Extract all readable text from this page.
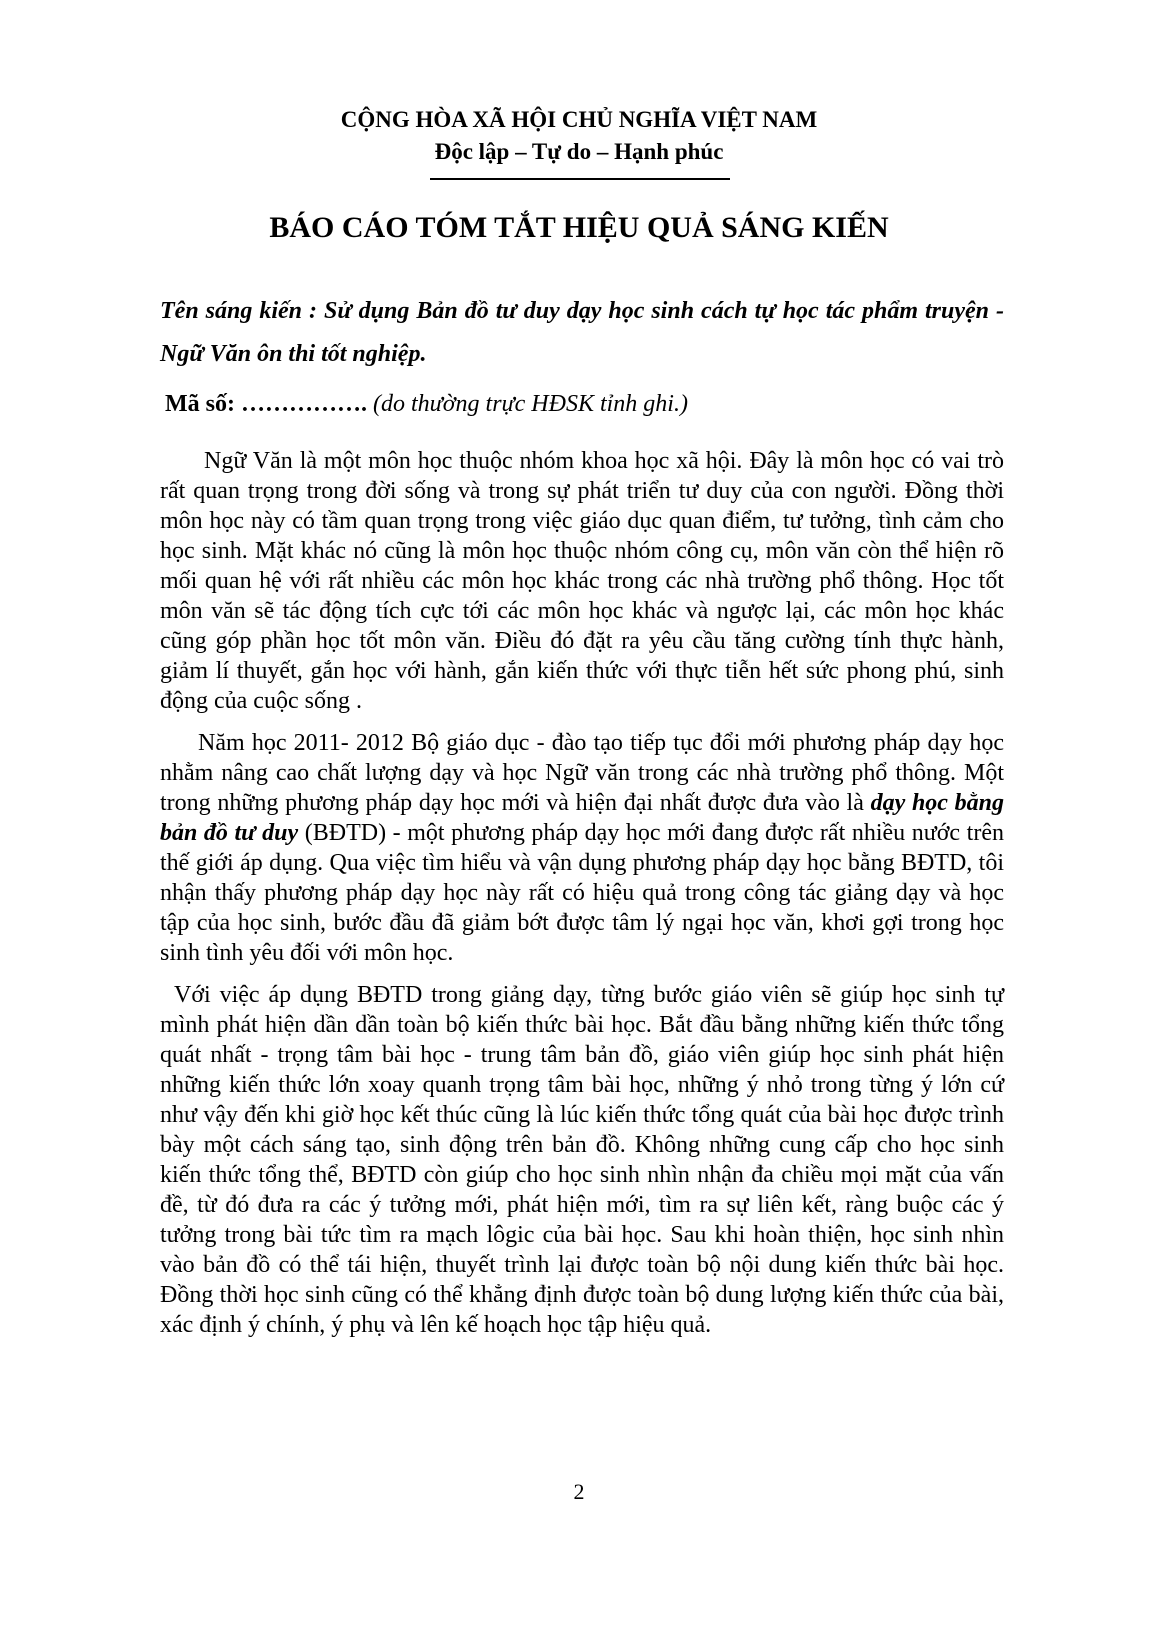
CỘNG HÒA XÃ HỘI CHỦ NGHĨA VIỆT NAM
Độc lập – Tự do – Hạnh phúc
BÁO CÁO TÓM TẮT HIỆU QUẢ SÁNG KIẾN
Tên sáng kiến : Sử dụng Bản đồ tư duy dạy học sinh cách tự học tác phẩm truyện - Ngữ Văn ôn thi tốt nghiệp.
Mã số: ……………. (do thường trực HĐSK tỉnh ghi.)

Ngữ Văn là một môn học thuộc nhóm khoa học xã hội. Đây là môn học có vai trò rất quan trọng trong đời sống và trong sự phát triển tư duy của con người. Đồng thời môn học này có tầm quan trọng trong việc giáo dục quan điểm, tư tưởng, tình cảm cho học sinh. Mặt khác nó cũng là môn học thuộc nhóm công cụ, môn văn còn thể hiện rõ mối quan hệ với rất nhiều các môn học khác trong các nhà trường phổ thông. Học tốt môn văn sẽ tác động tích cực tới các môn học khác và ngược lại, các môn học khác cũng góp phần học tốt môn văn. Điều đó đặt ra yêu cầu tăng cường tính thực hành, giảm lí thuyết, gắn học với hành, gắn kiến thức với thực tiễn hết sức phong phú, sinh động của cuộc sống .

Năm học 2011- 2012 Bộ giáo dục - đào tạo tiếp tục đổi mới phương pháp dạy học nhằm nâng cao chất lượng dạy và học Ngữ văn trong các nhà trường phổ thông. Một trong những phương pháp dạy học mới và hiện đại nhất được đưa vào là dạy học bằng bản đồ tư duy (BĐTD) - một phương pháp dạy học mới đang được rất nhiều nước trên thế giới áp dụng. Qua việc tìm hiểu và vận dụng phương pháp dạy học bằng BĐTD, tôi nhận thấy phương pháp dạy học này rất có hiệu quả trong công tác giảng dạy và học tập của học sinh, bước đầu đã giảm bớt được tâm lý ngại học văn, khơi gợi trong học sinh tình yêu đối với môn học.

Với việc áp dụng BĐTD trong giảng dạy, từng bước giáo viên sẽ giúp học sinh tự mình phát hiện dần dần toàn bộ kiến thức bài học. Bắt đầu bằng những kiến thức tổng quát nhất - trọng tâm bài học - trung tâm bản đồ, giáo viên giúp học sinh phát hiện những kiến thức lớn xoay quanh trọng tâm bài học, những ý nhỏ trong từng ý lớn cứ như vậy đến khi giờ học kết thúc cũng là lúc kiến thức tổng quát của bài học được trình bày một cách sáng tạo, sinh động trên bản đồ. Không những cung cấp cho học sinh kiến thức tổng thể, BĐTD còn giúp cho học sinh nhìn nhận đa chiều mọi mặt của vấn đề, từ đó đưa ra các ý tưởng mới, phát hiện mới, tìm ra sự liên kết, ràng buộc các ý tưởng trong bài tức tìm ra mạch lôgic của bài học. Sau khi hoàn thiện, học sinh nhìn vào bản đồ có thể tái hiện, thuyết trình lại được toàn bộ nội dung kiến thức bài học. Đồng thời học sinh cũng có thể khẳng định được toàn bộ dung lượng kiến thức của bài, xác định ý chính, ý phụ và lên kế hoạch học tập hiệu quả.

2
